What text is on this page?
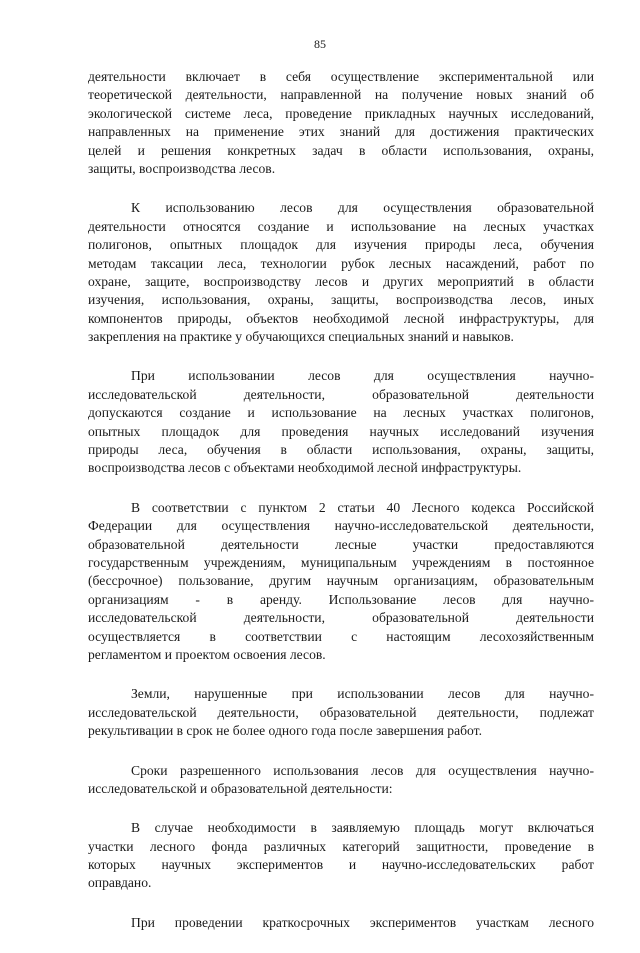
85
деятельности включает в себя осуществление экспериментальной или
теоретической деятельности, направленной на получение новых знаний об
экологической системе леса, проведение прикладных научных исследований,
направленных на применение этих знаний для достижения практических
целей и решения конкретных задач в области использования, охраны,
защиты, воспроизводства лесов.
К использованию лесов для осуществления образовательной
деятельности относятся создание и использование на лесных участках
полигонов, опытных площадок для изучения природы леса, обучения
методам таксации леса, технологии рубок лесных насаждений, работ по
охране, защите, воспроизводству лесов и других мероприятий в области
изучения, использования, охраны, защиты, воспроизводства лесов, иных
компонентов природы, объектов необходимой лесной инфраструктуры, для
закрепления на практике у обучающихся специальных знаний и навыков.
При использовании лесов для осуществления научно-
исследовательской деятельности, образовательной деятельности
допускаются создание и использование на лесных участках полигонов,
опытных площадок для проведения научных исследований изучения
природы леса, обучения в области использования, охраны, защиты,
воспроизводства лесов с объектами необходимой лесной инфраструктуры.
В соответствии с пунктом 2 статьи 40 Лесного кодекса Российской
Федерации для осуществления научно-исследовательской деятельности,
образовательной деятельности лесные участки предоставляются
государственным учреждениям, муниципальным учреждениям в постоянное
(бессрочное) пользование, другим научным организациям, образовательным
организациям - в аренду. Использование лесов для научно-
исследовательской деятельности, образовательной деятельности
осуществляется в соответствии с настоящим лесохозяйственным
регламентом и проектом освоения лесов.
Земли, нарушенные при использовании лесов для научно-
исследовательской деятельности, образовательной деятельности, подлежат
рекультивации в срок не более одного года после завершения работ.
Сроки разрешенного использования лесов для осуществления научно-
исследовательской и образовательной деятельности:
В случае необходимости в заявляемую площадь могут включаться
участки лесного фонда различных категорий защитности, проведение в
которых научных экспериментов и научно-исследовательских работ
оправдано.
При проведении краткосрочных экспериментов участкам лесного
